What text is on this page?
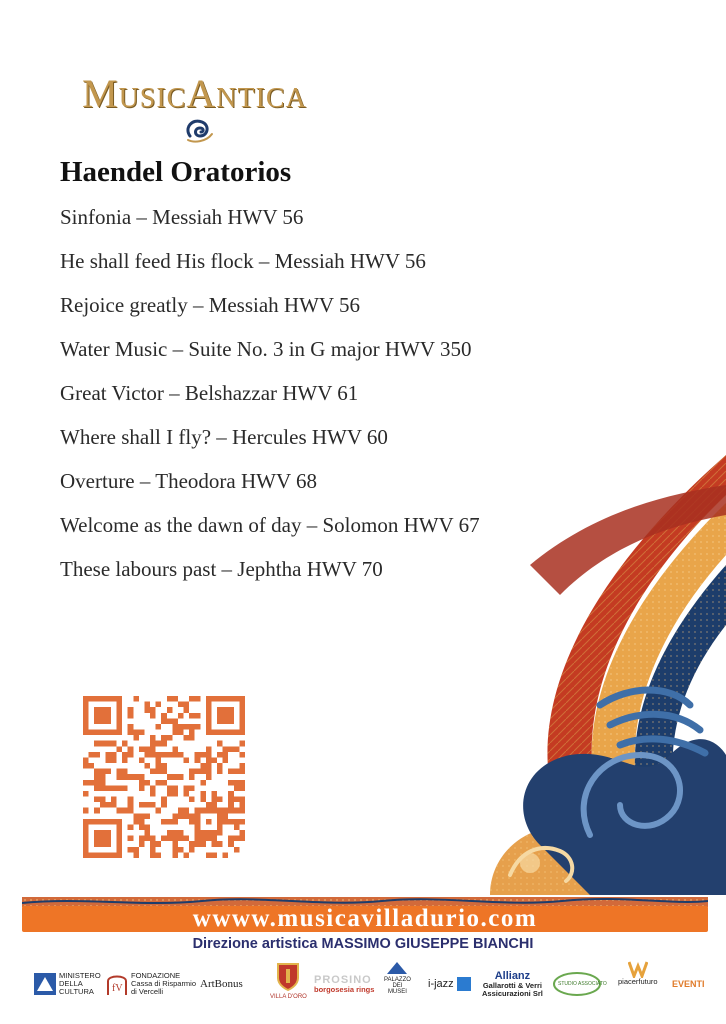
MusicAntica
Haendel Oratorios
Sinfonia – Messiah HWV 56
He shall feed His flock – Messiah HWV 56
Rejoice greatly – Messiah HWV 56
Water Music – Suite No. 3 in G major HWV 350
Great Victor – Belshazzar HWV 61
Where shall I fly? – Hercules HWV 60
Overture – Theodora HWV 68
Welcome as the dawn of day – Solomon HWV 67
These labours past – Jephtha HWV 70
wwww.musicavilladurio.com
Direzione artistica MASSIMO GIUSEPPE BIANCHI
MINISTERO
DELLA
CULTURA	fV
FONDAZIONE
Cassa di Risparmio
di Vercelli
ArtBonus
VILLA D'ORO
PROSINO
borgosesia rings
PALAZZO
DEI
MUSEI
i-jazz
Allianz
Gallarotti & Verri
Assicurazioni Srl
STUDIO ASSOCIATO piacerfuturo EVENTI
